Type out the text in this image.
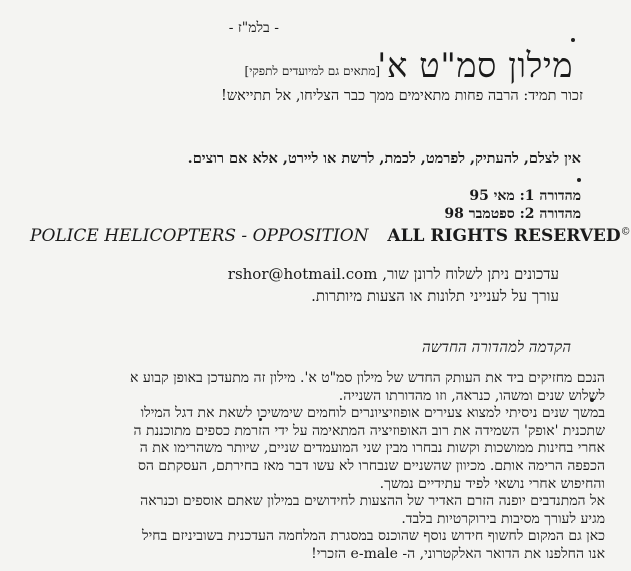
- בלמ"ז -
מילון סמ"ט א'
[מתאים גם למיועדים לתפקי]
זכור תמיד: הרבה פחות מתאימים ממך כבר הצליחו, אל תתייאש!
אין לצלם, להעתיק, לפרמט, לכמת, לרשת או ליירט, אלא אם רוצים.
מהדורה 1: מאי 95
מהדורה 2: ספטמבר 98
POLICE HELICOPTERS - OPPOSITION ALL RIGHTS RESERVED©
עדכונים ניתן לשלוח לרונן שור, rshor@hotmail.com
עורך על לענייני תלונות או הצעות מיותרות.
הקדמה למהדורה החדשה
הנכם מחזיקים ביד את העותק החדש של מילון סמ"ט א'. מילון זה מתעדכן באופן קבוע א
לשלוש שנים ומשהו, כנראה, וזו מהדורתו השנייה.
במשך שנים ניסיתי למצוא צעירים אופוזיציונרים לוחמים שימשיכו לשאת את דגל המילו
שתכנית 'אופק' השמידה את רוב האופוזיציה המתאימה על ידי הזרמת כספים מתוכננת ה
אחרי בחינות ממושכות וקשות נבחרו מבין שני המועמדים שניים, שיותר משהרימו את ה
הכפפה הרימה אותם. מכיוון שהשניים שנבחרו לא עשו דבר מאז בחירתם, העסקתם הס
והחיפוש אחרי נושאי לפיד עתידיים נמשך.
אל המתנדבים יופנה הזרם האדיר של ההצעות לחידושים במילון שאתם אוספים וכנראה
מגיע לעורך מסיבות בירוקרטיות בלבד.
כאן גם המקום לחשוף חידוש נוסף שהוכנס במסגרת המלחמה העדכנית בשוביניזם בחיל
אנו החלפנו את הדואר האלקטרוני, ה- e-male הזכרי!
